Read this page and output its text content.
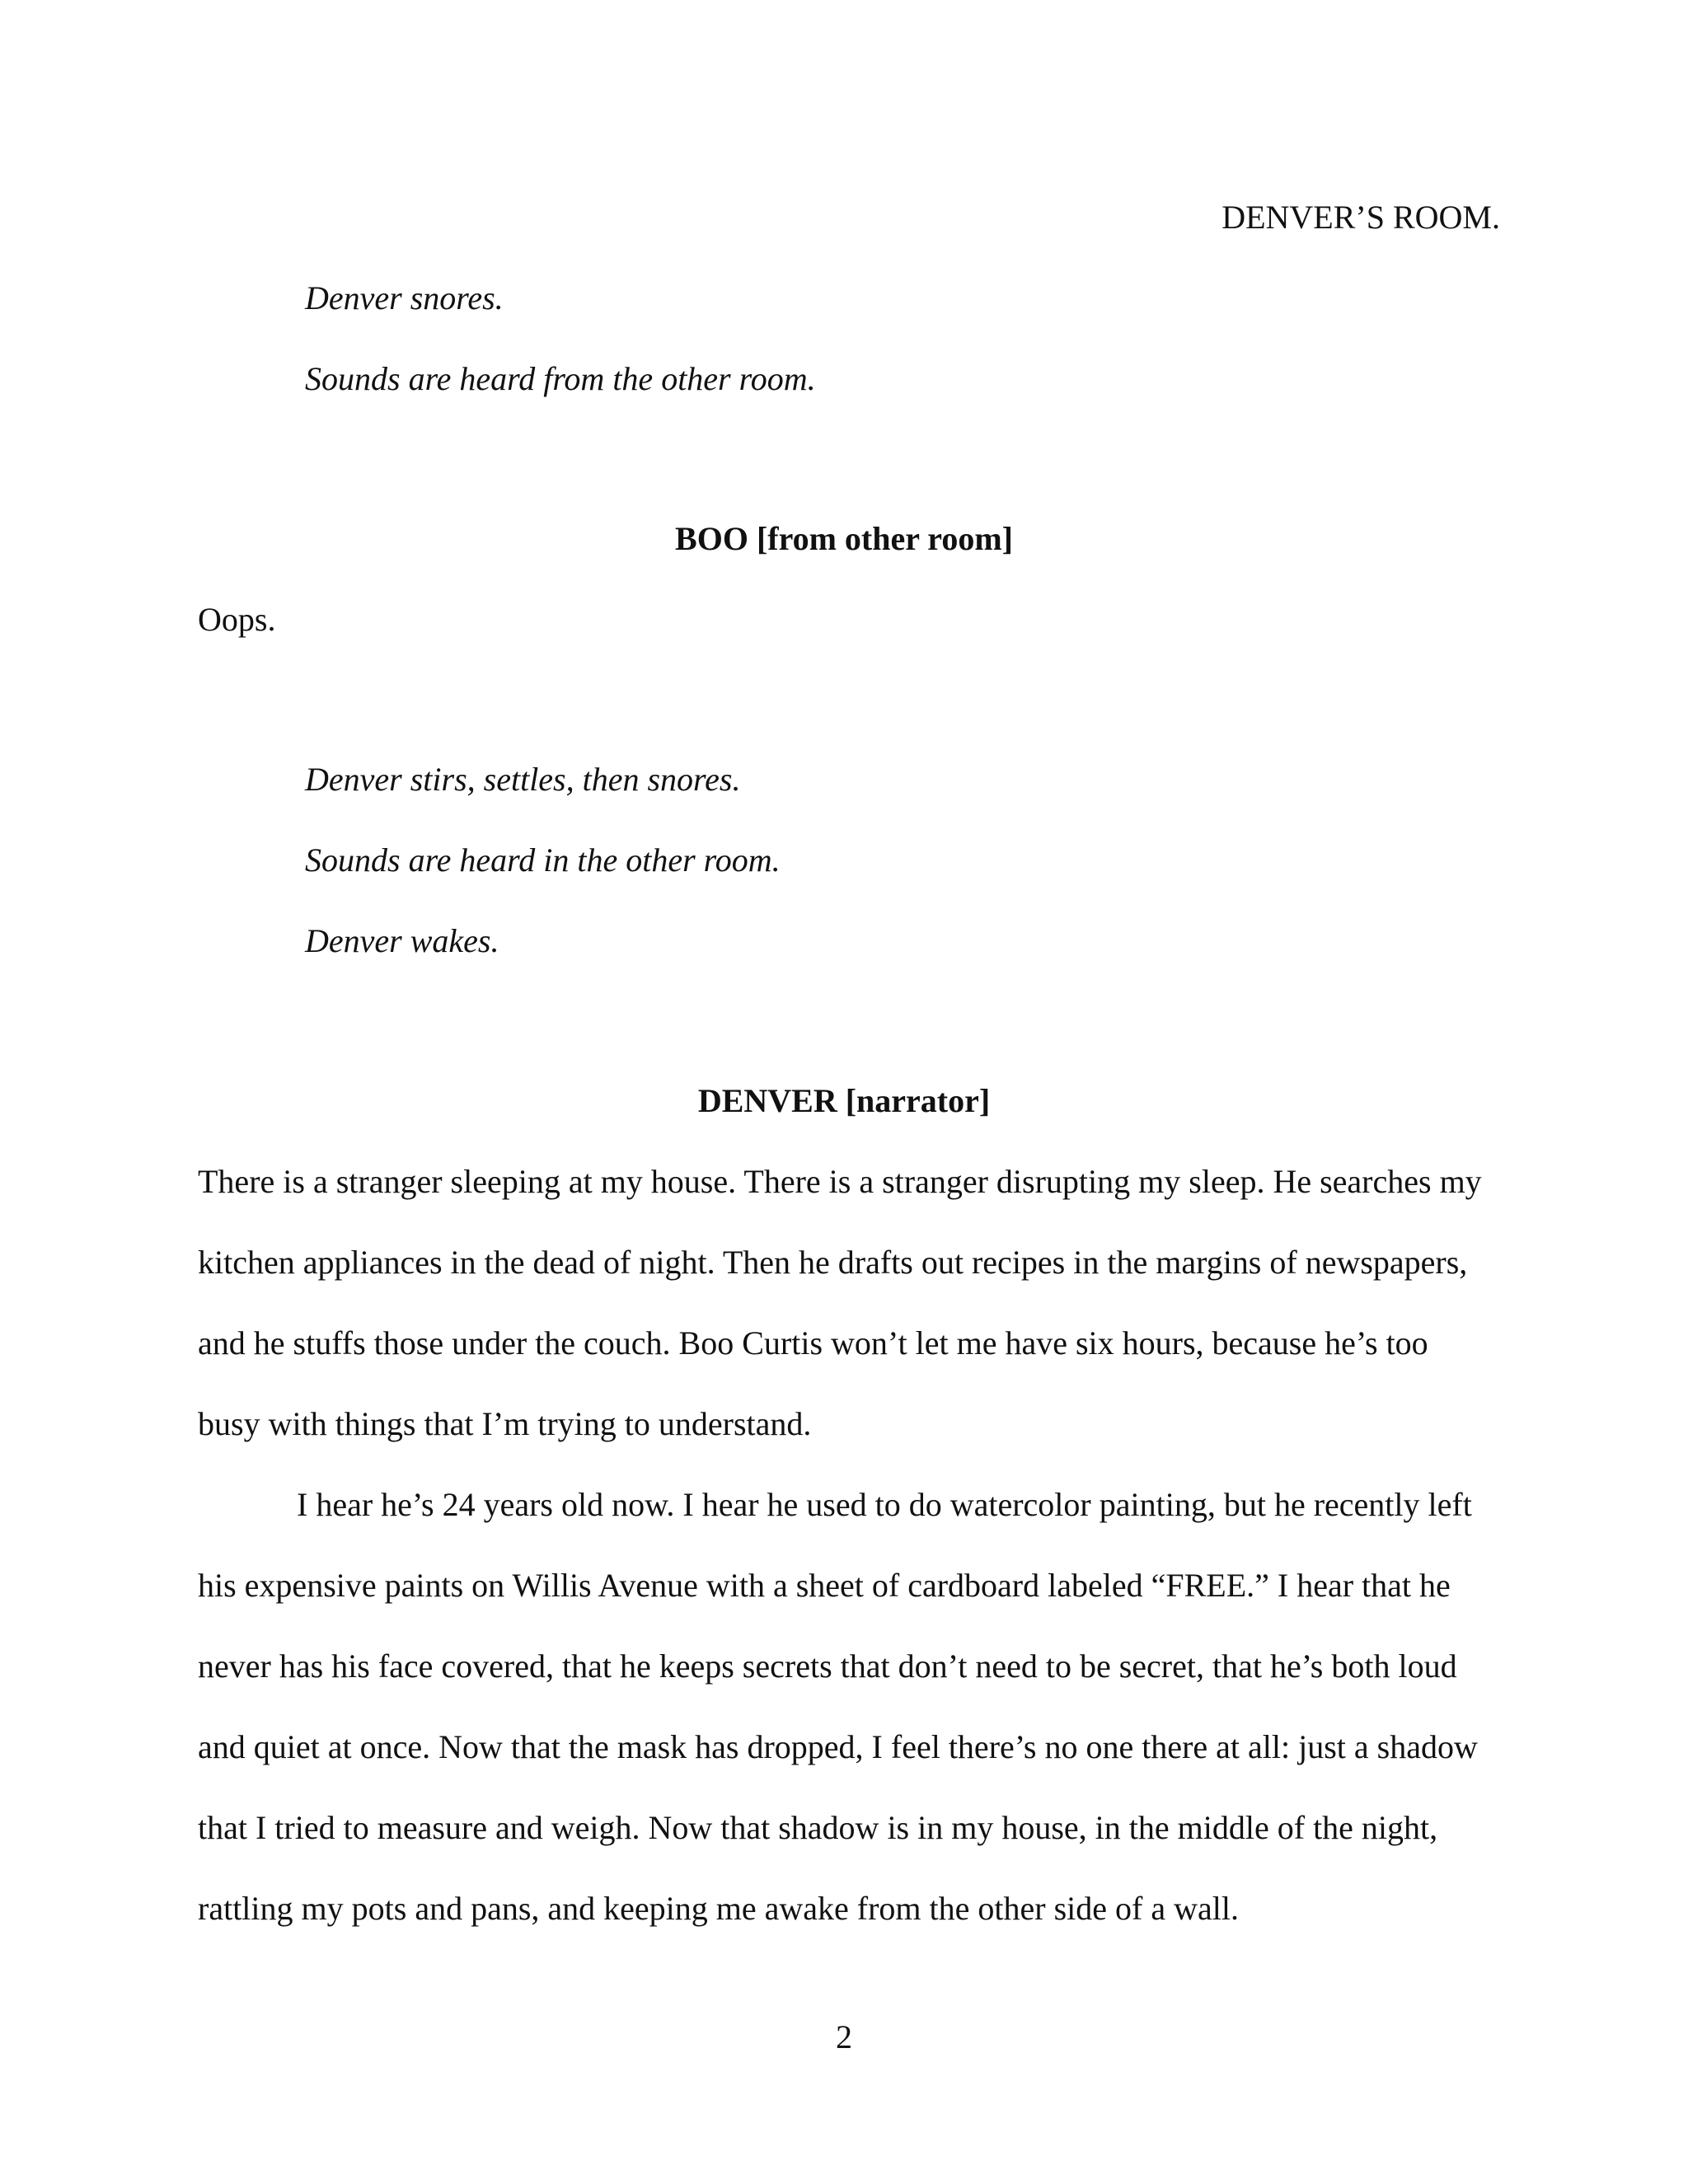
DENVER’S ROOM.

Denver snores.

Sounds are heard from the other room.

BOO [from other room]

Oops.

Denver stirs, settles, then snores.

Sounds are heard in the other room.

Denver wakes.

DENVER [narrator]

There is a stranger sleeping at my house. There is a stranger disrupting my sleep. He searches my

kitchen appliances in the dead of night. Then he drafts out recipes in the margins of newspapers,

and he stuffs those under the couch. Boo Curtis won’t let me have six hours, because he’s too

busy with things that I’m trying to understand.

I hear he’s 24 years old now. I hear he used to do watercolor painting, but he recently left

his expensive paints on Willis Avenue with a sheet of cardboard labeled “FREE.” I hear that he

never has his face covered, that he keeps secrets that don’t need to be secret, that he’s both loud

and quiet at once. Now that the mask has dropped, I feel there’s no one there at all: just a shadow

that I tried to measure and weigh. Now that shadow is in my house, in the middle of the night,

rattling my pots and pans, and keeping me awake from the other side of a wall.

2
